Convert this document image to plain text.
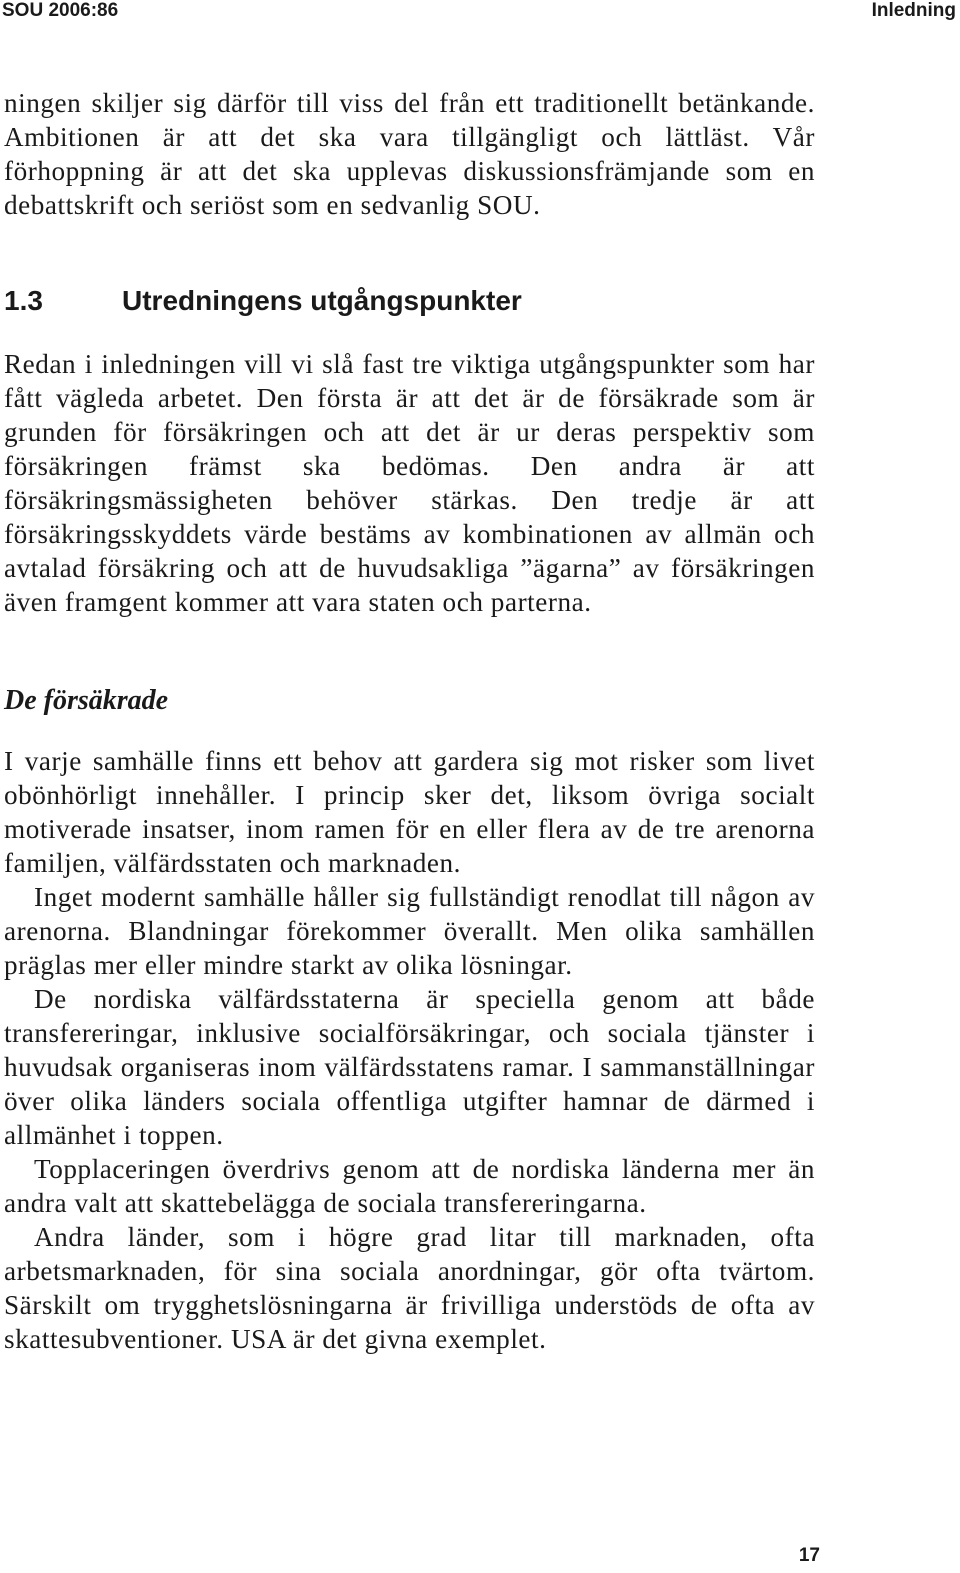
SOU 2006:86	Inledning

ningen skiljer sig därför till viss del från ett traditionellt betänkande. Ambitionen är att det ska vara tillgängligt och lättläst. Vår förhoppning är att det ska upplevas diskussionsfrämjande som en debattskrift och seriöst som en sedvanlig SOU.

1.3	Utredningens utgångspunkter

Redan i inledningen vill vi slå fast tre viktiga utgångspunkter som har fått vägleda arbetet. Den första är att det är de försäkrade som är grunden för försäkringen och att det är ur deras perspektiv som försäkringen främst ska bedömas. Den andra är att försäkringsmässigheten behöver stärkas. Den tredje är att försäkringsskyddets värde bestäms av kombinationen av allmän och avtalad försäkring och att de huvudsakliga ”ägarna” av försäkringen även framgent kommer att vara staten och parterna.

De försäkrade

I varje samhälle finns ett behov att gardera sig mot risker som livet obönhörligt innehåller. I princip sker det, liksom övriga socialt motiverade insatser, inom ramen för en eller flera av de tre arenorna familjen, välfärdsstaten och marknaden.

Inget modernt samhälle håller sig fullständigt renodlat till någon av arenorna. Blandningar förekommer överallt. Men olika samhällen präglas mer eller mindre starkt av olika lösningar.

De nordiska välfärdsstaterna är speciella genom att både transfereringar, inklusive socialförsäkringar, och sociala tjänster i huvudsak organiseras inom välfärdsstatens ramar. I sammanställningar över olika länders sociala offentliga utgifter hamnar de därmed i allmänhet i toppen.

Topplaceringen överdrivs genom att de nordiska länderna mer än andra valt att skattebelägga de sociala transfereringarna.

Andra länder, som i högre grad litar till marknaden, ofta arbetsmarknaden, för sina sociala anordningar, gör ofta tvärtom. Särskilt om trygghetslösningarna är frivilliga understöds de ofta av skattesubventioner. USA är det givna exemplet.

17
